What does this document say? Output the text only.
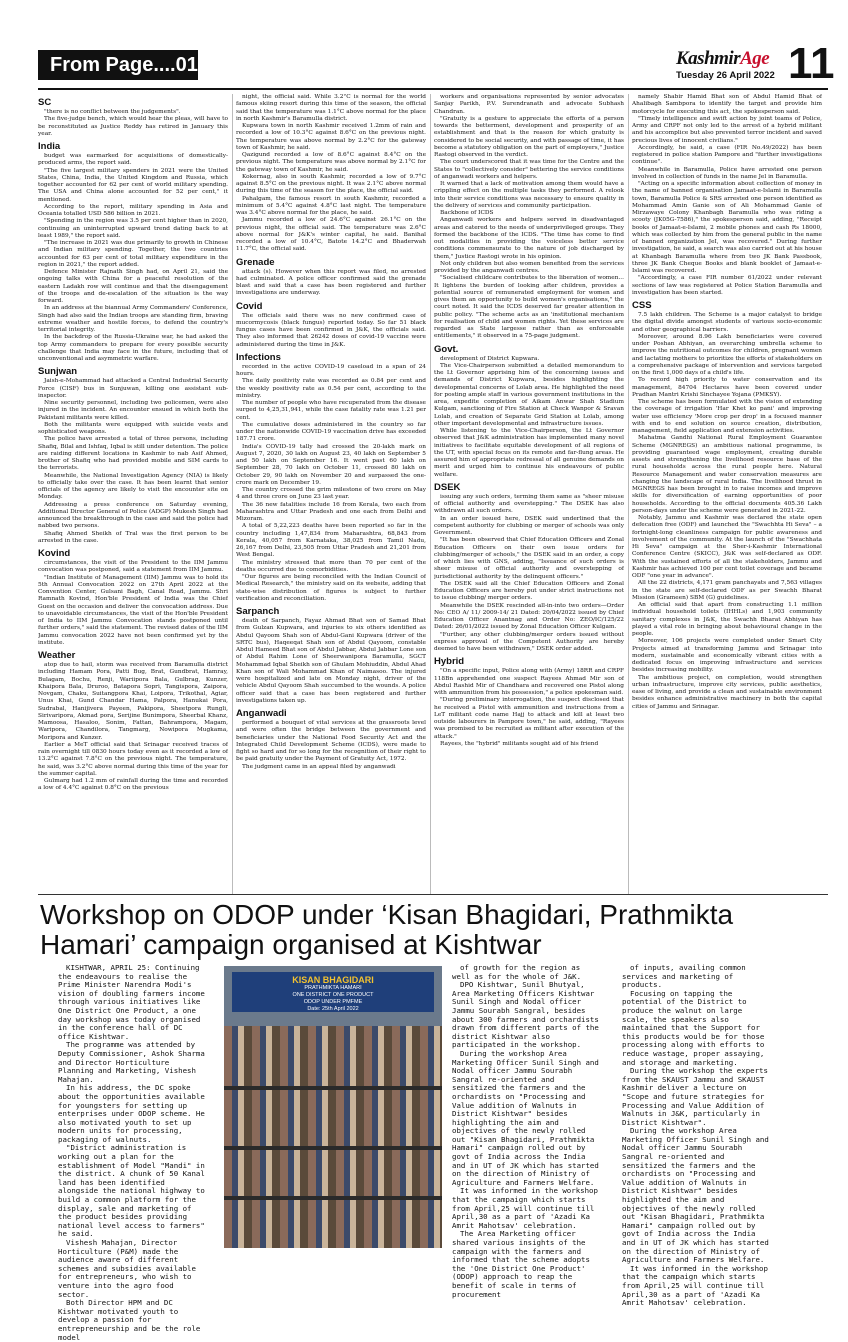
From Page....01	KashmirAge
Tuesday 26 April 2022 11
SC

"there is no conflict between the judgements".

The five-judge bench, which would hear the pleas, will have to be reconstituted as Justice Reddy has retired in January this year.

India

budget was earmarked for acquisitions of domestically-produced arms, the report said.

"The five largest military spenders in 2021 were the United States, China, India, the United Kingdom and Russia, which together accounted for 62 per cent of world military spending. The USA and China alone accounted for 52 per cent," it mentioned.

According to the report, military spending in Asia and Oceania totalled USD 586 billion in 2021.

"Spending in the region was 3.5 per cent higher than in 2020, continuing an uninterrupted upward trend dating back to at least 1989," the report said.

"The increase in 2021 was due primarily to growth in Chinese and Indian military spending. Together, the two countries accounted for 63 per cent of total military expenditure in the region in 2021," the report added.

Defence Minister Rajnath Singh had, on April 21, said the ongoing talks with China for a peaceful resolution of the eastern Ladakh row will continue and that the disengagement of the troops and de-escalation of the situation is the way forward.

In an address at the biannual Army Commanders' Conference, Singh had also said the Indian troops are standing firm, braving extreme weather and hostile forces, to defend the country's territorial integrity.

In the backdrop of the Russia-Ukraine war, he had asked the top Army commanders to prepare for every possible security challenge that India may face in the future, including that of unconventional and asymmetric warfare.

Sunjwan

Jaish-e-Mohammad had attacked a Central Industrial Security Force (CISF) bus in Sunjuwan, killing one assistant sub-inspector.

Nine security personnel, including two policemen, were also injured in the incident. An encounter ensued in which both the Pakistani militants were killed.

Both the militants were equipped with suicide vests and sophisticated weapons.

The police have arrested a total of three persons, including Shafiq, Bilal and Ishfaq, Iqbal is still under detention. The police are raiding different locations in Kashmir to nab Asif Ahmed, brother of Shafiq who had provided mobile and SIM cards to the terrorists.

Meanwhile, the National Investigation Agency (NIA) is likely to officially take over the case. It has been learnt that senior officials of the agency are likely to visit the encounter site on Monday.

Addressing a press conference on Saturday evening, Additional Director General of Police (ADGP) Mukesh Singh had announced the breakthrough in the case and said the police had nabbed two persons.

Shafiq Ahmed Sheikh of Tral was the first person to be arrested in the case.

Kovind

circumstances, the visit of the President to the IIM Jammu convocation was postponed, said a statement from IIM Jammu.

"Indian Institute of Management (IIM) Jammu was to hold its 5th Annual Convocation 2022 on 27th April 2022 at the Convention Center, Gulsani Bagh, Canal Road, Jammu. Shri Ramnath Kovind, Hon'ble President of India was the Chief Guest on the occasion and deliver the convocation address. Due to unavoidable circumstances, the visit of the Hon'ble President of India to IIM Jammu Convocation stands postponed until further orders," said the statement. The revised dates of the IIM Jammu convocation 2022 have not been confirmed yet by the institute.

Weather

atop due to hail, storm was received from Baramulla district including Hamam Pora, Patti Bug, Brat, Gundbrat, Hamray, Bulagam, Bochu, Renji, Wariipora Bala, Gulbrag, Kunzer, Khaipora Bala, Druroo, Batapora Sopri, Tangispora, Zaipora, Novgam, Chaku, Suitangpora Khai, Loipora, Trikothal, Agiar, Unus Khai, Gund Chandar Hama, Palpora, Hanukai Pora, Sudrabal, Hanijivera Payeen, Pakipora, Sheetpora Rungli, Sirivaripora, Akmad pora, Serijine Bunimpora, Sheerbal Khanz, Mamoosa, Hasaloo, Sonim, Fattan, Bahrampora, Magam, Waripora, Chandilora, Tangmarg, Nowipora Mugkama, Moripora and Kunzer.

Earlier a MeT official said that Srinagar received traces of rain overnight till 0830 hours today even as it recorded a low of 13.2°C against 7.8°C on the previous night. The temperature, he said, was 3.2°C above normal during this time of the year for the summer capital.

Gulmarg had 1.2 mm of rainfall during the time and recorded a low of 4.4°C against 0.8°C on the previous

night, the official said. While 3.2°C is normal for the world famous skiing resort during this time of the season, the official said that the temperature was 1.1°C above normal for the place in north Kashmir's Baramulla district.

Kupwara town in north Kashmir received 1.2mm of rain and recorded a low of 10.3°C against 8.6°C on the previous night. The temperature was above normal by 2.2°C for the gateway town of Kashmir, he said.

Qazigund recorded a low of 8.6°C against 8.4°C on the previous night. The temperature was above normal by 2.1°C for the gateway town of Kashmir, he said.

Kokernag, also in south Kashmir, recorded a low of 9.7°C against 8.5°C on the previous night. It was 2.1°C above normal during this time of the season for the place, the official said.

Pahalgam, the famous resort in south Kashmir, recorded a minimum of 5.4°C against 4.8°C last night. The temperature was 3.4°C above normal for the place, he said.

Jammu recorded a low of 24.6°C against 26.1°C on the previous night, the official said. The temperature was 2.6°C above normal for J&K's winter capital, he said. Banihal recorded a low of 10.4°C, Batote 14.2°C and Bhaderwah 11.7°C, the official said.

Grenade

attack (s). However when this report was filed, no arrested had culminated. A police officer confirmed said the grenade blast and said that a case has been registered and further investigations are underway.

Covid

The officials said there was no new confirmed case of mucormycosis (black fungus) reported today. So far 51 black fungus cases have been confirmed in J&K, the officials said. They also informed that 26242 doses of covid-19 vaccine were administered during the time in J&K.

Infections

recorded in the active COVID-19 caseload in a span of 24 hours.

The daily positivity rate was recorded as 0.84 per cent and the weekly positivity rate as 0.54 per cent, according to the ministry.

The number of people who have recuperated from the disease surged to 4,25,31,941, while the case fatality rate was 1.21 per cent.

The cumulative doses administered in the country so far under the nationwide COVID-19 vaccination drive has exceeded 187.71 crore.

India's COVID-19 tally had crossed the 20-lakh mark on August 7, 2020, 30 lakh on August 23, 40 lakh on September 5 and 50 lakh on September 16. It went past 60 lakh on September 28, 70 lakh on October 11, crossed 80 lakh on October 29, 90 lakh on November 20 and surpassed the one-crore mark on December 19.

The country crossed the grim milestone of two crore on May 4 and three crore on June 23 last year.

The 36 new fatalities include 16 from Kerala, two each from Maharashtra and Uttar Pradesh and one each from Delhi and Mizoram.

A total of 5,22,223 deaths have been reported so far in the country including 1,47,834 from Maharashtra, 68,843 from Kerala, 40,057 from Karnataka, 38,025 from Tamil Nadu, 26,167 from Delhi, 23,505 from Uttar Pradesh and 21,201 from West Bengal.

The ministry stressed that more than 70 per cent of the deaths occurred due to comorbidities.

"Our figures are being reconciled with the Indian Council of Medical Research," the ministry said on its website, adding that state-wise distribution of figures is subject to further verification and reconciliation.

Sarpanch

death of Sarpanch, Fayaz Ahmad Bhat son of Samad Bhat from Gulzan Kupwara, and injuries to six others identified as Abdul Qayoom Shah son of Abdul-Gani Kupwara (driver of the SRTC bus), Haqeeqat Shah son of Abdul Qayoom, constable Abdul Hameed Bhat son of Abdul Jabbar, Abdul Jabbar Lone son of Abdul Rahim Lone of Sheerwanipora Baramulla, SGCT Mohammad Iqbal Sheikh son of Ghulam Mohiuddin, Abdul Ahad Khan son of Wali Mohammad Khan of Naimasoo. The injured were hospitalized and late on Monday night, driver of the vehicle Abdul Qayoom Shah succumbed to the wounds. A police officer said that a case has been registered and further investigations taken up.

Anganwadi

performed a bouquet of vital services at the grassroots level and were often the bridge between the government and beneficiaries under the National Food Security Act and the Integrated Child Development Scheme (ICDS), were made to fight so hard and for so long for the recognition of their right to be paid gratuity under the Payment of Gratuity Act, 1972.

The judgment came in an appeal filed by anganwadi

workers and organisations represented by senior advocates Sanjay Parikh, P.V. Surendranath and advocate Subhash Chandran.

"Gratuity is a gesture to appreciate the efforts of a person towards the betterment, development and prosperity of an establishment and that is the reason for which gratuity is considered to be social security, and with passage of time, it has become a statutory obligation on the part of employers," Justice Rastogi observed in the verdict.

The court underscored that it was time for the Centre and the States to "collectively consider" bettering the service conditions of anganwadi workers and helpers.

It warned that a lack of motivation among them would have a crippling effect on the multiple tasks they performed. A relook into their service conditions was necessary to ensure quality in the delivery of services and community participation.

Backbone of ICDS

Anganwadi workers and helpers served in disadvantaged areas and catered to the needs of underprivileged groups. They formed the backbone of the ICDS. "The time has come to find out modalities in providing the voiceless better service conditions commensurate to the nature of job discharged by them," Justice Rastogi wrote in his opinion.

Not only children but also women benefited from the services provided by the anganwadi centres.

"Socialised childcare contributes to the liberation of women... It lightens the burden of looking after children, provides a potential source of remunerated employment for women and gives them an opportunity to build women's organisations," the court noted. It said the ICDS deserved far greater attention in public policy. "The scheme acts as an 'institutional mechanism for realisation of child and women rights. Yet these services are regarded as State largesse rather than as enforceable entitlements," it observed in a 75-page judgment.

Govt.

development of District Kupwara.

The Vice-Chairperson submitted a detailed memorandum to the Lt Governor apprising him of the concerning issues and demands of District Kupwara, besides highlighting the developmental concerns of Lolab area. He highlighted the need for posting ample staff in various government institutions in the area, expedite completion of Aikam Anwar Shah Stadium Kulgam, sanctioning of Fire Station at Check Wanpor & Sravan Lolab, and creation of Separate Grid Station at Lolab, among other important developmental and infrastructure issues.

While listening to the Vice-Chairperson, the Lt Governor observed that J&K administration has implemented many novel initiatives to facilitate equitable development of all regions of the UT, with special focus on its remote and far-flung areas. He assured him of appropriate redressal of all genuine demands on merit and urged him to continue his endeavours of public welfare.

DSEK

issuing any such orders, terming them same as "sheer misuse of official authority and overstepping." The DSEK has also withdrawn all such orders.

In an order issued here, DSEK said underlined that the competent authority for clubbing or merger of schools was only Government.

"It has been observed that Chief Education Officers and Zonal Education Officers on their own issue orders for clubbing/merger of schools," the DSEK said in an order, a copy of which lies with GNS, adding, "Issuance of such orders is sheer misuse of official authority and overstepping of jurisdictional authority by the delinquent officers."

The DSEK said all the Chief Education Officers and Zonal Education Officers are hereby put under strict instructions not to issue clubbing/ merger orders.

Meanwhile the DSEK rescinded all-in-into two orders—Order No: CEO A/ 11/ 2009-14/ 21 Dated: 20/04/2022 issued by Chief Education Officer Anantnag and Order No: ZEO/IC/125/22 Dated: 26/01/2022 issued by Zonal Education Officer Kulgam.

"Further, any other clubbing/merger orders issued without express approval of the Competent Authority are hereby deemed to have been withdrawn," DSEK order added.

Hybrid

"On a specific input, Police along with (Army) 18RR and CRPF 118Bn apprehended one suspect Rayees Ahmad Mir son of Abdul Rashid Mir of Chandhara and recovered one Pistol along with ammunition from his possession," a police spokesman said.

"During preliminary interrogation, the suspect disclosed that he received a Pistol with ammunition and instructions from a LeT militant code name Hajj to attack and kill at least two outside labourers in Pampore town," he said, adding, "Rayees was promised to be recruited as militant after execution of the attack."

Rayees, the "hybrid" militants sought aid of his friend

namely Shabir Hamid Bhat son of Abdul Hamid Bhat of Ahalibagh Sambpora to identify the target and provide him motorcycle for executing this act, the spokesperson said.

"Timely intelligence and swift action by joint teams of Police, Army and CRPF not only led to the arrest of a hybrid militant and his accomplice but also prevented terror incident and saved precious lives of innocent civilians."

Accordingly, he said, a case (FIR No.49/2022) has been registered in police station Pampore and "further investigations continue".

Meanwhile in Baramulla, Police have arrested one person involved in collection of funds in the name Jel in Baramulla.

"Acting on a specific information about collection of money in the name of banned organisation Jamaat-e-Islami in Baramulla town, Baramulla Police & SRS arrested one person identified as Mohammad Amin Ganie son of Ali Mohammad Ganie of Mirzawaye Colony Khanbagh Baramulla who was riding a scooty (JK05G-7586)," the spokesperson said, adding, "Receipt books of Jamaat-e-Islami, 2 mobile phones and cash Rs 18000, which was collected by him from the general public in the name of banned organization JeI, was recovered." During further investigation, he said, a search was also carried out at his house at Khanbagh Baramulla where from two JK Bank Passbook, three JK Bank Cheque Books and blank booklet of Jamaat-e-Islami was recovered.

"Accordingly, a case FIR number 61/2022 under relevant sections of law was registered at Police Station Baramulla and investigation has been started.

CSS

7.5 lakh children. The Scheme is a major catalyst to bridge the digital divide amongst students of various socio-economic and other geographical barriers.

Moreover, around 8.96 Lakh beneficiaries were covered under Poshan Abhiyan, an overarching umbrella scheme to improve the nutritional outcomes for children, pregnant women and lactating mothers to prioritize the efforts of stakeholders on a comprehensive package of intervention and services targeted on the first 1,000 days of a child's life.

To record high priority to water conservation and its management, 84704 Hectares have been covered under Pradhan Mantri Krishi Sinchayee Yojana (PMKSY).

The scheme has been formulated with the vision of extending the coverage of irrigation 'Har Khet ko pani' and improving water use efficiency 'More crop per drop' in a focused manner with end to end solution on source creation, distribution, management, field application and extension activities.

Mahatma Gandhi National Rural Employment Guarantee Scheme (MGNREGS) an ambitious national programme, is providing guaranteed wage employment, creating durable assets and strengthening the livelihood resource base of the rural households across the rural people here. Natural Resource Management and water conservation measures are changing the landscape of rural India. The livelihood thrust in MGNREGS has been brought in to raise incomes and improve skills for diversification of earning opportunities of poor households. According to the official documents 405.36 Lakh person-days under the scheme were generated in 2021-22.

Notably, Jammu and Kashmir was declared the state open defecation free (ODF) and launched the "Swachhta Hi Seva" – a fortnight-long cleanliness campaign for public awareness and involvement of the community. At the launch of the "Swachhata Hi Seva" campaign at the Sher-i-Kashmir International Conference Centre (SKICC), J&K was self-declared as ODF. With the sustained efforts of all the stakeholders, Jammu and Kashmir has achieved 100 per cent toilet coverage and became ODF "one year in advance".

All the 22 districts, 4,171 gram panchayats and 7,563 villages in the state are self-declared ODF as per Swachh Bharat Mission (Grameen) SBM (G) guidelines.

An official said that apart from constructing 1.1 million individual household toilets (IHHLs) and 1,903 community sanitary complexes in J&K, the Swachh Bharat Abhiyan has played a vital role in bringing about behavioural change in the people.

Moreover, 106 projects were completed under Smart City Projects aimed at transforming Jammu and Srinagar into modern, sustainable and economically vibrant cities with a dedicated focus on improving infrastructure and services besides increasing mobility.

The ambitious project, on completion, would strengthen urban infrastructure, improve city services, public aesthetics, ease of living, and provide a clean and sustainable environment besides enhance administrative machinery in both the capital cities of Jammu and Srinagar.

Workshop on ODOP under ‘Kisan Bhagidari, Prathmikta Hamari’ campaign organised at Kishtwar

KISHTWAR, APRIL 25: Continuing the endeavours to realise the Prime Minister Narendra Modi's vision of doubling farmers income through various initiatives like One District One Product, a one day workshop was today organised in the conference hall of DC office Kishtwar.

The programme was attended by Deputy Commissioner, Ashok Sharma and Director Horticulture Planning and Marketing, Vishesh Mahajan.

In his address, the DC spoke about the opportunities available for youngsters for setting up enterprises under ODOP scheme. He also motivated youth to set up modern units for processing, packaging of walnuts.

"District administration is working out a plan for the establishment of Model "Mandi" in the district. A chunk of 50 Kanal land has been identified alongside the national highway to build a common platform for the display, sale and marketing of the product besides providing national level access to farmers" he said.

Vishesh Mahajan, Director Horticulture (P&M) made the audience aware of different schemes and subsidies available for entrepreneurs, who wish to venture into the agro food sector.

Both Director HPM and DC Kishtwar motivated youth to develop a passion for entrepreneurship and be the role model

KISAN BHAGIDARI
PRATHMIKTA HAMARI
ONE DISTRICT ONE PRODUCT
ODOP UNDER PMFME
Date: 25th April 2022

of growth for the region as well as for the whole of J&K.

DPO Kishtwar, Sunil Bhutyal, Area Marketing Officers Kishtwar Sunil Singh and Nodal officer Jammu Sourabh Sangral, besides about 300 farmers and orchardists drawn from different parts of the district Kishtwar also participated in the workshop.

During the workshop Area Marketing Officer Sunil Singh and Nodal officer Jammu Sourabh Sangral re-oriented and sensitized the farmers and the orchardists on "Processing and Value addition of Walnuts in District Kishtwar" besides highlighting the aim and objectives of the newly rolled out "Kisan Bhagidari, Prathmikta Hamari" campaign rolled out by govt of India across the India and in UT of JK which has started on the direction of Ministry of Agriculture and Farmers Welfare.

It was informed in the workshop that the campaign which starts from April,25 will continue till April,30 as a part of 'Azadi Ka Amrit Mahotsav' celebration.

The Area Marketing officer shared various insights of the campaign with the farmers and informed that the scheme adopts the 'One District One Product' (ODOP) approach to reap the benefit of scale in terms of procurement

of inputs, availing common services and marketing of products.

Focusing on tapping the potential of the District to produce the walnut on large scale, the speakers also maintained that the Support for this products would be for those processing along with efforts to reduce wastage, proper assaying, and storage and marketing.

During the workshop the experts from the SKAUST Jammu and SKAUST Kashmir deliver a lecture on "Scope and future strategies for Processing and Value Addition of Walnuts in J&K, particularly in District Kishtwar".

During the workshop Area Marketing Officer Sunil Singh and Nodal officer Jammu Sourabh Sangral re-oriented and sensitized the farmers and the orchardists on "Processing and Value addition of Walnuts in District Kishtwar" besides highlighted the aim and objectives of the newly rolled out "Kisan Bhagidari, Prathmikta Hamari" campaign rolled out by govt of India across the India and in UT of JK which has started on the direction of Ministry of Agriculture and Farmers Welfare.

It was informed in the workshop that the campaign which starts from April,25 will continue till April,30 as a part of 'Azadi Ka Amrit Mahotsav' celebration.
